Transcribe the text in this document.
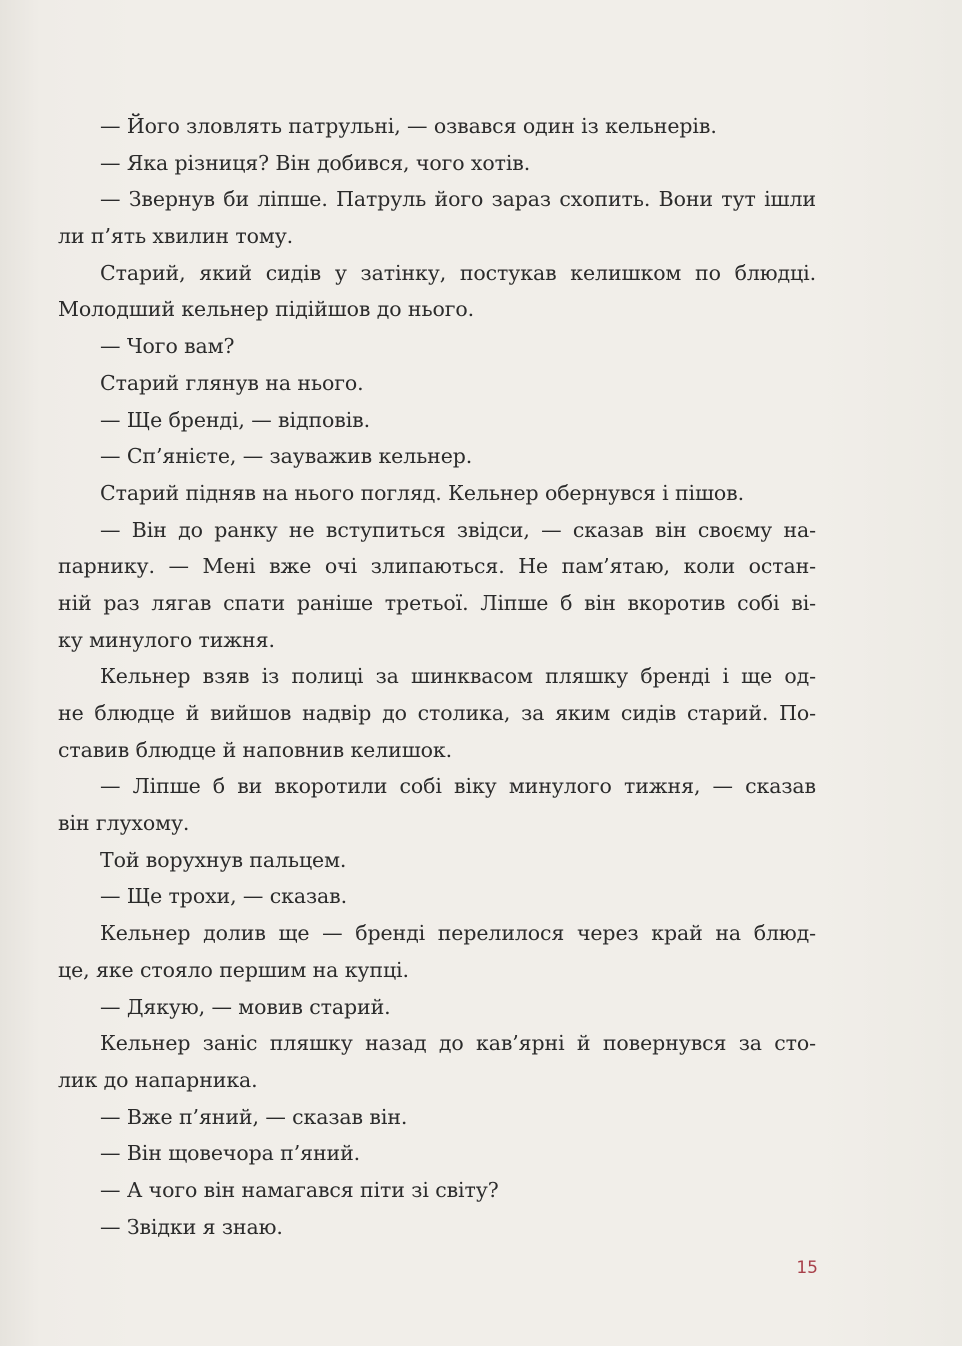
— Його зловлять патрульні, — озвався один із кельнерів.
— Яка різниця? Він добився, чого хотів.
— Звернув би ліпше. Патруль його зараз схопить. Вони тут ішли
ли п’ять хвилин тому.
Старий, який сидів у затінку, постукав келишком по блюдці.
Молодший кельнер підійшов до нього.
— Чого вам?
Старий глянув на нього.
— Ще бренді, — відповів.
— Сп’янієте, — зауважив кельнер.
Старий підняв на нього погляд. Кельнер обернувся і пішов.
— Він до ранку не вступиться звідси, — сказав він своєму на-
парнику. — Мені вже очі злипаються. Не пам’ятаю, коли остан-
ній раз лягав спати раніше третьої. Ліпше б він вкоротив собі ві-
ку минулого тижня.
Кельнер взяв із полиці за шинквасом пляшку бренді і ще од-
не блюдце й вийшов надвір до столика, за яким сидів старий. По-
ставив блюдце й наповнив келишок.
— Ліпше б ви вкоротили собі віку минулого тижня, — сказав
він глухому.
Той ворухнув пальцем.
— Ще трохи, — сказав.
Кельнер долив ще — бренді перелилося через край на блюд-
це, яке стояло першим на купці.
— Дякую, — мовив старий.
Кельнер заніс пляшку назад до кав’ярні й повернувся за сто-
лик до напарника.
— Вже п’яний, — сказав він.
— Він щовечора п’яний.
— А чого він намагався піти зі світу?
— Звідки я знаю.
15
